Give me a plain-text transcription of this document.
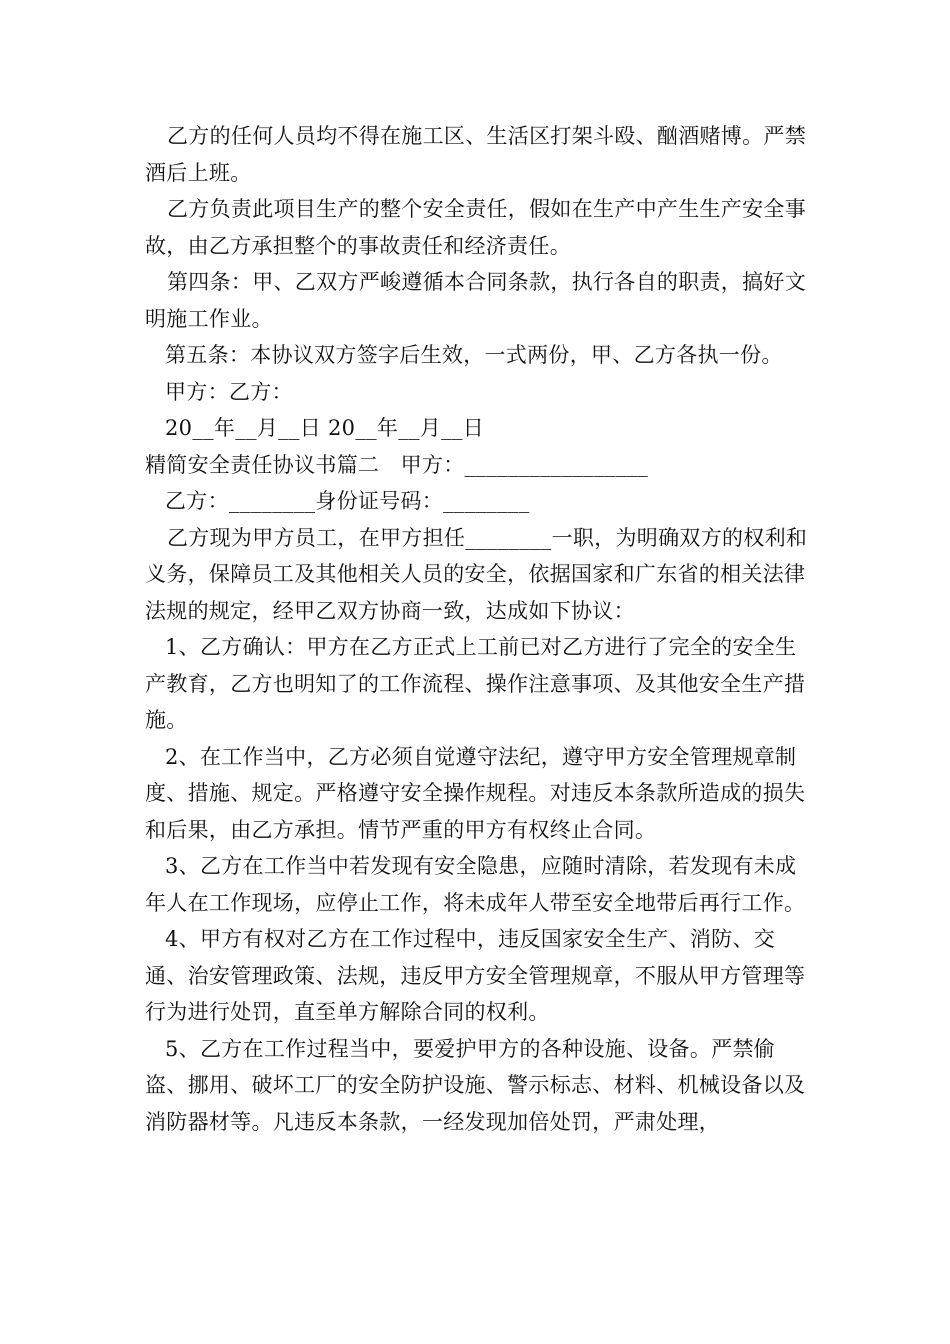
乙方的任何人员均不得在施工区、生活区打架斗殴、酗酒赌博。严禁酒后上班。

乙方负责此项目生产的整个安全责任，假如在生产中产生生产安全事故，由乙方承担整个的事故责任和经济责任。

第四条：甲、乙双方严峻遵循本合同条款，执行各自的职责，搞好文明施工作业。

第五条：本协议双方签字后生效，一式两份，甲、乙方各执一份。

甲方：乙方：

20__年__月__日 20__年__月__日

精简安全责任协议书篇二　甲方：_________________

乙方：________身份证号码：________

乙方现为甲方员工，在甲方担任________一职，为明确双方的权利和义务，保障员工及其他相关人员的安全，依据国家和广东省的相关法律法规的规定，经甲乙双方协商一致，达成如下协议：

1、乙方确认：甲方在乙方正式上工前已对乙方进行了完全的安全生产教育，乙方也明知了的工作流程、操作注意事项、及其他安全生产措施。

2、在工作当中，乙方必须自觉遵守法纪，遵守甲方安全管理规章制度、措施、规定。严格遵守安全操作规程。对违反本条款所造成的损失和后果，由乙方承担。情节严重的甲方有权终止合同。

3、乙方在工作当中若发现有安全隐患，应随时清除，若发现有未成年人在工作现场，应停止工作，将未成年人带至安全地带后再行工作。

4、甲方有权对乙方在工作过程中，违反国家安全生产、消防、交通、治安管理政策、法规，违反甲方安全管理规章，不服从甲方管理等行为进行处罚，直至单方解除合同的权利。

5、乙方在工作过程当中，要爱护甲方的各种设施、设备。严禁偷盗、挪用、破坏工厂的安全防护设施、警示标志、材料、机械设备以及消防器材等。凡违反本条款，一经发现加倍处罚，严肃处理，
